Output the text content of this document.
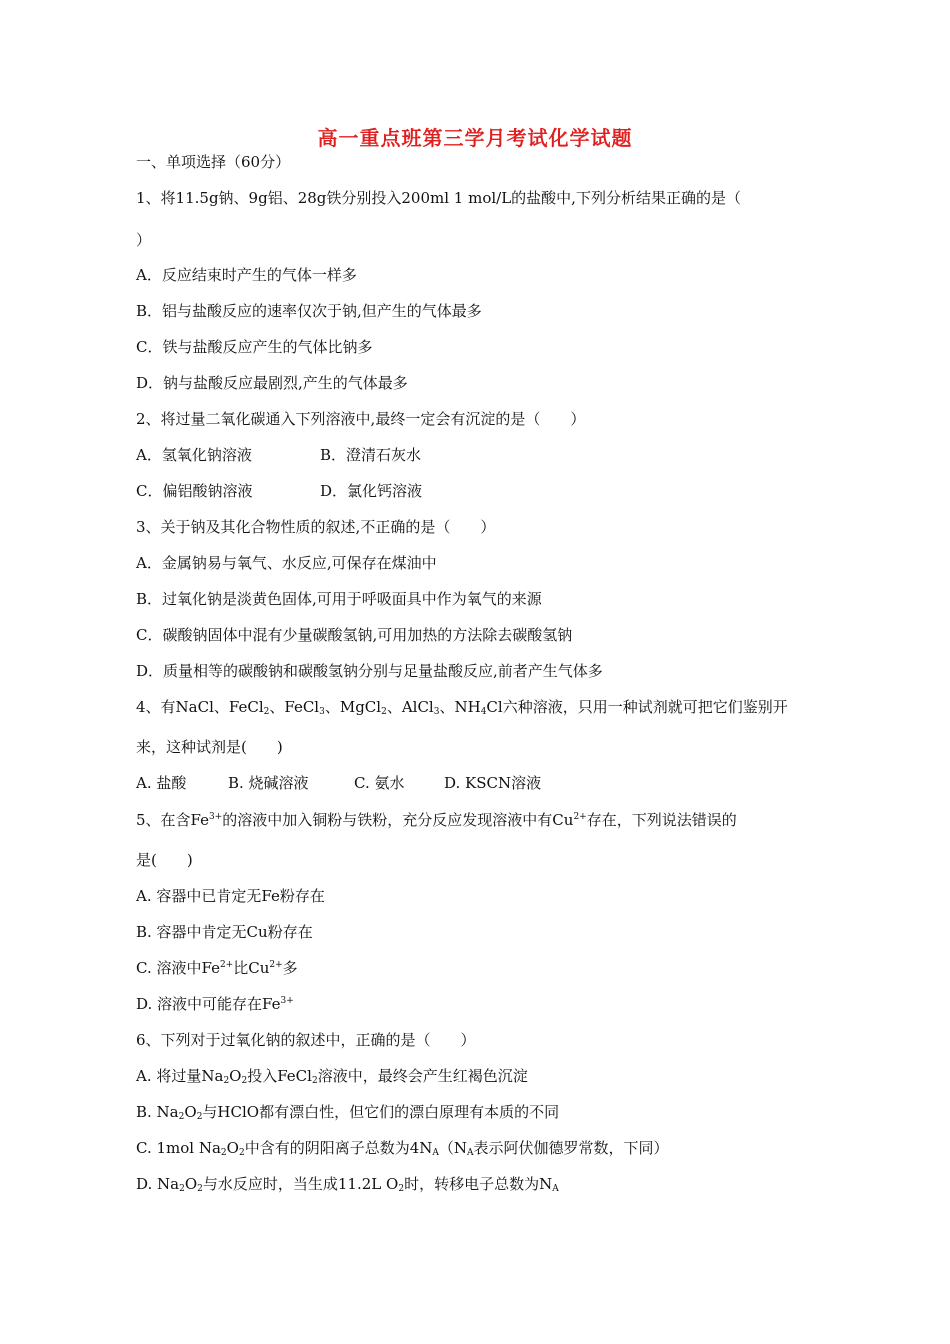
高一重点班第三学月考试化学试题
一、单项选择（60分）
1、将11.5g钠、9g铝、28g铁分别投入200ml 1 mol/L的盐酸中,下列分析结果正确的是（
）
A．反应结束时产生的气体一样多
B．铝与盐酸反应的速率仅次于钠,但产生的气体最多
C．铁与盐酸反应产生的气体比钠多
D．钠与盐酸反应最剧烈,产生的气体最多
2、将过量二氧化碳通入下列溶液中,最终一定会有沉淀的是（　　）
A．氢氧化钠溶液	B．澄清石灰水
C．偏铝酸钠溶液	D．氯化钙溶液
3、关于钠及其化合物性质的叙述,不正确的是（　　）
A．金属钠易与氧气、水反应,可保存在煤油中
B．过氧化钠是淡黄色固体,可用于呼吸面具中作为氧气的来源
C．碳酸钠固体中混有少量碳酸氢钠,可用加热的方法除去碳酸氢钠
D．质量相等的碳酸钠和碳酸氢钠分别与足量盐酸反应,前者产生气体多
4、有NaCl、FeCl$_2$、FeCl$_3$、MgCl$_2$、AlCl$_3$、$NH_4Cl$六种溶液，只用一种试剂就可把它们鉴别开
来，这种试剂是(　　)
A. 盐酸	B. 烧碱溶液	C. 氨水	D. KSCN溶液
5、在含$Fe^{3+}$的溶液中加入铜粉与铁粉，充分反应发现溶液中有$Cu^{2+}$存在，下列说法错误的
是(　　)
A. 容器中已肯定无Fe粉存在
B. 容器中肯定无Cu粉存在
C. 溶液中$Fe^{2+}$比$Cu^{2+}$多
D. 溶液中可能存在$Fe^{3+}$
6、下列对于过氧化钠的叙述中，正确的是（　　）
A. 将过量$Na_2O_2$投入FeCl$_2$溶液中，最终会产生红褐色沉淀
B. $Na_2O_2$与HClO都有漂白性，但它们的漂白原理有本质的不同
C. 1mol $Na_2O_2$中含有的阴阳离子总数为$4N_A(N_A$表示阿伏伽德罗常数，下同）
D. $Na_2O_2$与水反应时，当生成11.2L $O_2$时，转移电子总数为$N_A$
